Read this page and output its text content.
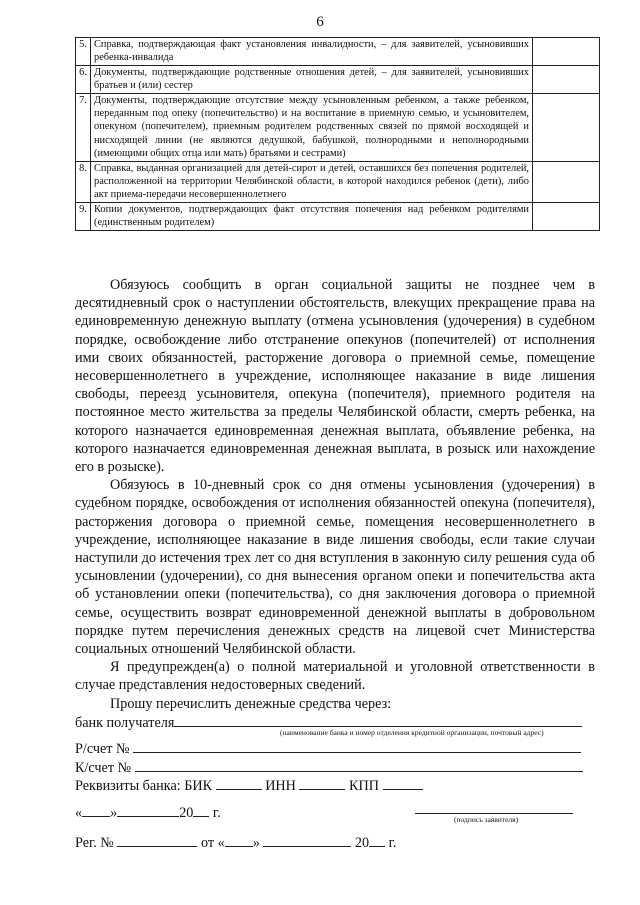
6
5.	Справка, подтверждающая факт установления инвалидности, – для заявителей, усыновивших ребенка-инвалида	
6.	Документы, подтверждающие родственные отношения детей, – для заявителей, усыновивших братьев и (или) сестер	
7.	Документы, подтверждающие отсутствие между усыновленным ребенком, а также ребенком, переданным под опеку (попечительство) и на воспитание в приемную семью, и усыновителем, опекуном (попечителем), приемным родителем родственных связей по прямой восходящей и нисходящей линии (не являются дедушкой, бабушкой, полнородными и неполнородными (имеющими общих отца или мать) братьями и сестрами)	
8.	Справка, выданная организацией для детей-сирот и детей, оставшихся без попечения родителей, расположенной на территории Челябинской области, в которой находился ребенок (дети), либо акт приема-передачи несовершеннолетнего	
9.	Копии документов, подтверждающих факт отсутствия попечения над ребенком родителями (единственным родителем)	

Обязуюсь сообщить в орган социальной защиты не позднее чем в десятидневный срок о наступлении обстоятельств, влекущих прекращение права на единовременную денежную выплату (отмена усыновления (удочерения) в судебном порядке, освобождение либо отстранение опекунов (попечителей) от исполнения ими своих обязанностей, расторжение договора о приемной семье, помещение несовершеннолетнего в учреждение, исполняющее наказание в виде лишения свободы, переезд усыновителя, опекуна (попечителя), приемного родителя на постоянное место жительства за пределы Челябинской области, смерть ребенка, на которого назначается единовременная денежная выплата, объявление ребенка, на которого назначается единовременная денежная выплата, в розыск или нахождение его в розыске).

Обязуюсь в 10-дневный срок со дня отмены усыновления (удочерения) в судебном порядке, освобождения от исполнения обязанностей опекуна (попечителя), расторжения договора о приемной семье, помещения несовершеннолетнего в учреждение, исполняющее наказание в виде лишения свободы, если такие случаи наступили до истечения трех лет со дня вступления в законную силу решения суда об усыновлении (удочерении), со дня вынесения органом опеки и попечительства акта об установлении опеки (попечительства), со дня заключения договора о приемной семье, осуществить возврат единовременной денежной выплаты в добровольном порядке путем перечисления денежных средств на лицевой счет Министерства социальных отношений Челябинской области.

Я предупрежден(а) о полной материальной и уголовной ответственности в случае представления недостоверных сведений.

Прошу перечислить денежные средства через:

банк получателя
(наименование банка и номер отделения кредитной организации, почтовый адрес)
Р/счет №
К/счет №
Реквизиты банка: БИК	ИНН	КПП
« »	20 г.	(подпись заявителя)
Рег. №	от « »	20 г.
